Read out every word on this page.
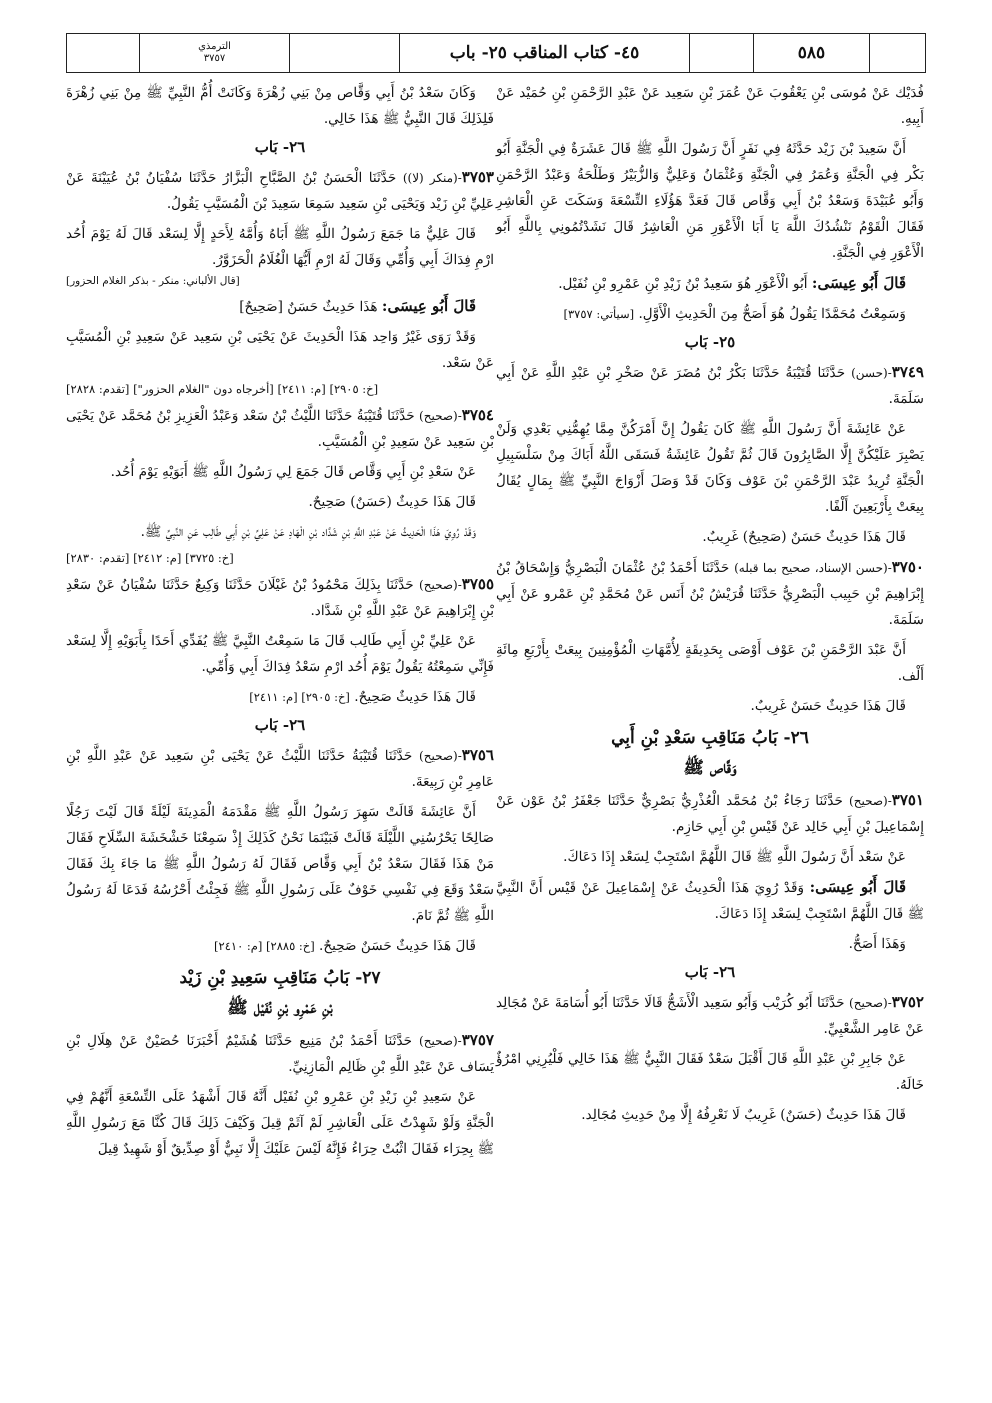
٥٨٥
٤٥- كتاب المناقب ٢٥- باب
الترمذي
٣٧٥٧

فُدَيْك عَنْ مُوسَى بْنِ يَعْقُوبَ عَنْ عُمَرَ بْنِ سَعِيد عَنْ عَبْدِ الرَّحْمَنِ بْنِ حُمَيْد عَنْ أَبِيهِ.

أَنَّ سَعِيدَ بْنَ زَيْد حَدَّثَهُ فِي نَفَرٍ أَنَّ رَسُولَ اللَّهِ ﷺ قَالَ عَشَرَةٌ فِي الْجَنَّةِ أَبُو بَكْر فِي الْجَنَّةِ وَعُمَرُ فِي الْجَنَّةِ وَعُثْمَانُ وَعَلِيٌّ وَالزُّبَيْرُ وَطَلْحَةُ وَعَبْدُ الرَّحْمَنِ وَأَبُو عُبَيْدَةَ وَسَعْدُ بْنُ أَبِي وَقَّاص قَالَ فَعَدَّ هَؤُلَاءِ التِّسْعَةَ وَسَكَتَ عَنِ الْعَاشِرِ فَقَالَ الْقَوْمُ نَنْشُدُكَ اللَّهَ يَا أَبَا الْأَعْوَرِ مَنِ الْعَاشِرُ قَالَ نَشَدْتُمُونِي بِاللَّهِ أَبُو الْأَعْوَرِ فِي الْجَنَّةِ.

قَالَ أَبُو عِيسَى: أَبُو الْأَعْوَرِ هُوَ سَعِيدُ بْنُ زَيْدِ بْنِ عَمْرِو بْنِ نُفَيْل.

وَسَمِعْتُ مُحَمَّدًا يَقُولُ هُوَ أَصَحُّ مِنَ الْحَدِيثِ الْأَوَّلِ. [سيأتي: ٣٧٥٧]

٢٥- بَاب

٣٧٤٩-(حسن) حَدَّثَنَا قُتَيْبَةُ حَدَّثَنَا بَكْرُ بْنُ مُضَرَ عَنْ صَخْرِ بْنِ عَبْدِ اللَّهِ عَنْ أَبِي سَلَمَةَ.

عَنْ عَائِشَةَ أَنَّ رَسُولَ اللَّهِ ﷺ كَانَ يَقُولُ إِنَّ أَمْرَكُنَّ مِمَّا يُهِمُّنِي بَعْدِي وَلَنْ يَصْبِرَ عَلَيْكُنَّ إِلَّا الصَّابِرُونَ قَالَ ثُمَّ تَقُولُ عَائِشَةُ فَسَقَى اللَّهُ أَبَاكَ مِنْ سَلْسَبِيلِ الْجَنَّةِ تُرِيدُ عَبْدَ الرَّحْمَنِ بْنَ عَوْف وَكَانَ قَدْ وَصَلَ أَزْوَاجَ النَّبِيِّ ﷺ بِمَالٍ يُقَالُ بِيعَتْ بِأَرْبَعِينَ أَلْفًا.

قَالَ هَذَا حَدِيثٌ حَسَنٌ (صَحِيحٌ) غَرِيبٌ.

٣٧٥٠-(حسن الإسناد، صحيح بما قبله) حَدَّثَنَا أَحْمَدُ بْنُ عُثْمَانَ الْبَصْرِيُّ وَإِسْحَاقُ بْنُ إِبْرَاهِيمَ بْنِ حَبِيب الْبَصْرِيُّ حَدَّثَنَا قُرَيْشُ بْنُ أَنَس عَنْ مُحَمَّدِ بْنِ عَمْرو عَنْ أَبِي سَلَمَةَ.

أَنَّ عَبْدَ الرَّحْمَنِ بْنَ عَوْف أَوْصَى بِحَدِيقَةٍ لِأُمَّهَاتِ الْمُؤْمِنِينَ بِيعَتْ بِأَرْبَعِ مِائَةِ أَلْف.

قَالَ هَذَا حَدِيثٌ حَسَنٌ غَرِيبٌ.

٢٦- بَابُ مَنَاقِبِ سَعْدِ بْنِ أَبِي
وَقَّاص ﷺ

٣٧٥١-(صحيح) حَدَّثَنَا رَجَاءُ بْنُ مُحَمَّد الْعُذْرِيُّ بَصْرِيٌّ حَدَّثَنَا جَعْفَرُ بْنُ عَوْن عَنْ إِسْمَاعِيلَ بْنِ أَبِي خَالِد عَنْ قَيْسِ بْنِ أَبِي حَازِم.

عَنْ سَعْد أَنَّ رَسُولَ اللَّهِ ﷺ قَالَ اللَّهُمَّ اسْتَجِبْ لِسَعْد إِذَا دَعَاكَ.

قَالَ أَبُو عِيسَى: وَقَدْ رُوِيَ هَذَا الْحَدِيثُ عَنْ إِسْمَاعِيلَ عَنْ قَيْس أَنَّ النَّبِيَّ ﷺ قَالَ اللَّهُمَّ اسْتَجِبْ لِسَعْد إِذَا دَعَاكَ.

وَهَذَا أَصَحُّ.

٢٦- بَاب

٣٧٥٢-(صحيح) حَدَّثَنَا أَبُو كُرَيْب وَأَبُو سَعِيد الْأَشَجُّ قَالَا حَدَّثَنَا أَبُو أُسَامَةَ عَنْ مُجَالِد عَنْ عَامِر الشَّعْبِيِّ.

عَنْ جَابِرِ بْنِ عَبْدِ اللَّهِ قَالَ أَقْبَلَ سَعْدٌ فَقَالَ النَّبِيُّ ﷺ هَذَا خَالِي فَلْيُرِنِي امْرُؤٌ خَالَهُ.

قَالَ هَذَا حَدِيثٌ (حَسَنٌ) غَرِيبٌ لَا نَعْرِفُهُ إِلَّا مِنْ حَدِيثِ مُجَالِد.

وَكَانَ سَعْدُ بْنُ أَبِي وَقَّاص مِنْ بَنِي زُهْرَةَ وَكَانَتْ أُمُّ النَّبِيِّ ﷺ مِنْ بَنِي زُهْرَةَ فَلِذَلِكَ قَالَ النَّبِيُّ ﷺ هَذَا خَالِي.

٢٦- بَاب

٣٧٥٣-(منكر (لا)) حَدَّثَنَا الْحَسَنُ بْنُ الصَّبَّاحِ الْبَزَّارُ حَدَّثَنَا سُفْيَانُ بْنُ عُيَيْنَةَ عَنْ عَلِيِّ بْنِ زَيْد وَيَحْيَى بْنِ سَعِيد سَمِعَا سَعِيدَ بْنَ الْمُسَيَّبِ يَقُولُ.

قَالَ عَلِيٌّ مَا جَمَعَ رَسُولُ اللَّهِ ﷺ أَبَاهُ وَأُمَّهُ لِأَحَدٍ إِلَّا لِسَعْد قَالَ لَهُ يَوْمَ أُحُد ارْمِ فِدَاكَ أَبِي وَأُمِّي وَقَالَ لَهُ ارْمِ أَيُّهَا الْغُلَامُ الْحَزَوَّرُ.

[قال الألباني: منكر - بذكر الغلام الحزور]

قَالَ أَبُو عِيسَى: هَذَا حَدِيثٌ حَسَنٌ [صَحِيحٌ]

وَقَدْ رَوَى غَيْرُ وَاحِد هَذَا الْحَدِيثَ عَنْ يَحْيَى بْنِ سَعِيد عَنْ سَعِيدِ بْنِ الْمُسَيَّبِ عَنْ سَعْد.

[خ: ٢٩٠٥] [م: ٢٤١١] [أخرجاه دون "الغلام الحزور"] [تقدم: ٢٨٢٨]

٣٧٥٤-(صحيح) حَدَّثَنَا قُتَيْبَةُ حَدَّثَنَا اللَّيْثُ بْنُ سَعْد وَعَبْدُ الْعَزِيزِ بْنُ مُحَمَّد عَنْ يَحْيَى بْنِ سَعِيد عَنْ سَعِيدِ بْنِ الْمُسَيَّبِ.

عَنْ سَعْدِ بْنِ أَبِي وَقَّاص قَالَ جَمَعَ لِي رَسُولُ اللَّهِ ﷺ أَبَوَيْهِ يَوْمَ أُحُد.

قَالَ هَذَا حَدِيثٌ (حَسَنٌ) صَحِيحٌ.

وَقَدْ رُوِيَ هَذَا الْحَدِيثُ عَنْ عَبْدِ اللَّهِ بْنِ شَدَّاد بْنِ الْهَادِ عَنْ عَلِيِّ بْنِ أَبِي طَالِب عَنِ النَّبِيِّ ﷺ.

[خ: ٣٧٢٥] [م: ٢٤١٢] [تقدم: ٢٨٣٠]

٣٧٥٥-(صحيح) حَدَّثَنَا بِذَلِكَ مَحْمُودُ بْنُ غَيْلَانَ حَدَّثَنَا وَكِيعٌ حَدَّثَنَا سُفْيَانُ عَنْ سَعْدِ بْنِ إِبْرَاهِيمَ عَنْ عَبْدِ اللَّهِ بْنِ شَدَّاد.

عَنْ عَلِيِّ بْنِ أَبِي طَالِب قَالَ مَا سَمِعْتُ النَّبِيَّ ﷺ يُفَدِّي أَحَدًا بِأَبَوَيْهِ إِلَّا لِسَعْد فَإِنِّي سَمِعْتُهُ يَقُولُ يَوْمَ أُحُد ارْمِ سَعْدُ فِدَاكَ أَبِي وَأُمِّي.

قَالَ هَذَا حَدِيثٌ صَحِيحٌ. [خ: ٢٩٠٥] [م: ٢٤١١]

٢٦- بَاب

٣٧٥٦-(صحيح) حَدَّثَنَا قُتَيْبَةُ حَدَّثَنَا اللَّيْثُ عَنْ يَحْيَى بْنِ سَعِيد عَنْ عَبْدِ اللَّهِ بْنِ عَامِرِ بْنِ رَبِيعَةَ.

أَنَّ عَائِشَةَ قَالَتْ سَهِرَ رَسُولُ اللَّهِ ﷺ مَقْدَمَهُ الْمَدِينَةَ لَيْلَةً قَالَ لَيْتَ رَجُلًا صَالِحًا يَحْرُسُنِي اللَّيْلَةَ قَالَتْ فَبَيْنَمَا نَحْنُ كَذَلِكَ إِذْ سَمِعْنَا خَشْخَشَةَ السِّلَاحِ فَقَالَ مَنْ هَذَا فَقَالَ سَعْدُ بْنُ أَبِي وَقَّاص فَقَالَ لَهُ رَسُولُ اللَّهِ ﷺ مَا جَاءَ بِكَ فَقَالَ سَعْدٌ وَقَعَ فِي نَفْسِي خَوْفٌ عَلَى رَسُولِ اللَّهِ ﷺ فَجِئْتُ أَحْرُسُهُ فَدَعَا لَهُ رَسُولُ اللَّهِ ﷺ ثُمَّ نَامَ.

قَالَ هَذَا حَدِيثٌ حَسَنٌ صَحِيحٌ. [خ: ٢٨٨٥] [م: ٢٤١٠]

٢٧- بَابُ مَنَاقِبِ سَعِيدِ بْنِ زَيْد
بْنِ عَمْرِو بْنِ نُفَيْل ﷺ

٣٧٥٧-(صحيح) حَدَّثَنَا أَحْمَدُ بْنُ مَنِيع حَدَّثَنَا هُشَيْمٌ أَخْبَرَنَا حُصَيْنٌ عَنْ هِلَالِ بْنِ يَسَاف عَنْ عَبْدِ اللَّهِ بْنِ ظَالِم الْمَازِنِيِّ.

عَنْ سَعِيدِ بْنِ زَيْدِ بْنِ عَمْرِو بْنِ نُفَيْل أَنَّهُ قَالَ أَشْهَدُ عَلَى التِّسْعَةِ أَنَّهُمْ فِي الْجَنَّةِ وَلَوْ شَهِدْتُ عَلَى الْعَاشِرِ لَمْ آثَمْ قِيلَ وَكَيْفَ ذَلِكَ قَالَ كُنَّا مَعَ رَسُولِ اللَّهِ ﷺ بِحِرَاء فَقَالَ اثْبُتْ حِرَاءُ فَإِنَّهُ لَيْسَ عَلَيْكَ إِلَّا نَبِيٌّ أَوْ صِدِّيقٌ أَوْ شَهِيدٌ قِيلَ
